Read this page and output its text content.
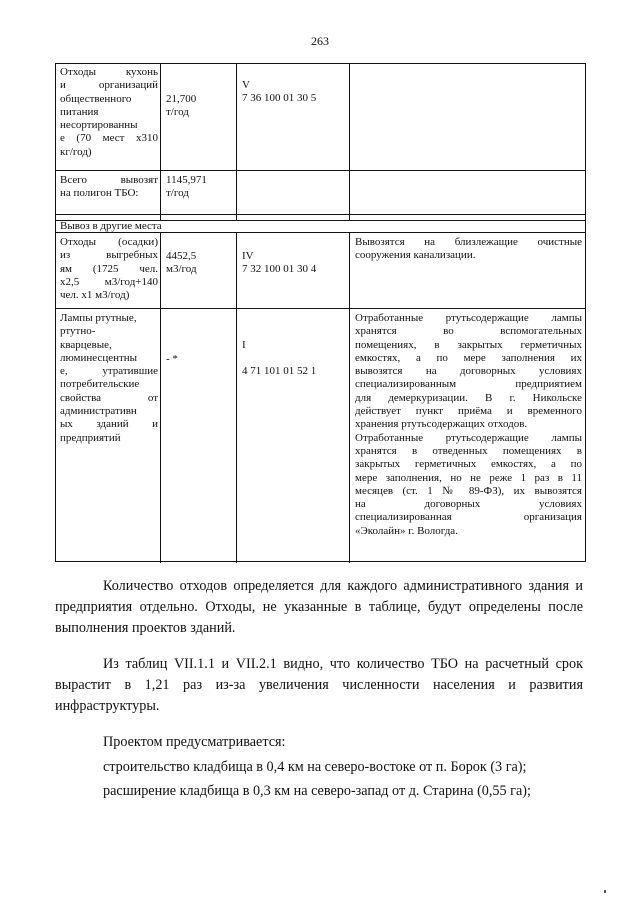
263
Отходы кухонь
и организаций
общественного
питания
несортированны
е (70 мест х310
кг/год)
21,700
т/год
V
7 36 100 01 30 5
Всего вывозят
на полигон ТБО:
1145,971
т/год
Вывоз в другие места
Отходы (осадки)
из выгребных
ям (1725 чел.
х2,5 м3/год+140
чел. х1 м3/год)
4452,5
м3/год
IV
7 32 100 01 30 4
Вывозятся на близлежащие очистные
сооружения канализации.
Лампы ртутные,
ртутно-
кварцевые,
люминесцентны
е, утратившие
потребительские
свойства от
административн
ых зданий и
предприятий
- *
I
4 71 101 01 52 1
Отработанные ртутьсодержащие лампы
хранятся во вспомогательных
помещениях, в закрытых герметичных
емкостях, а по мере заполнения их
вывозятся на договорных условиях
специализированным предприятием
для демеркуризации. В г. Никольске
действует пункт приёма и временного
хранения ртутьсодержащих отходов.
Отработанные ртутьсодержащие лампы
хранятся в отведенных помещениях в
закрытых герметичных емкостях, а по
мере заполнения, но не реже 1 раз в 11
месяцев (ст. 1 № 89-ФЗ), их вывозятся
на договорных условиях
специализированная организация
«Эколайн» г. Вологда.
Количество отходов определяется для каждого административного здания и
предприятия отдельно. Отходы, не указанные в таблице, будут определены после
выполнения проектов зданий.
Из таблиц VII.1.1 и VII.2.1 видно, что количество ТБО на расчетный срок
вырастит в 1,21 раз из-за увеличения численности населения и развития
инфраструктуры.
Проектом предусматривается:
строительство кладбища в 0,4 км на северо-востоке от п. Борок (3 га);
расширение кладбища в 0,3 км на северо-запад от д. Старина (0,55 га);
